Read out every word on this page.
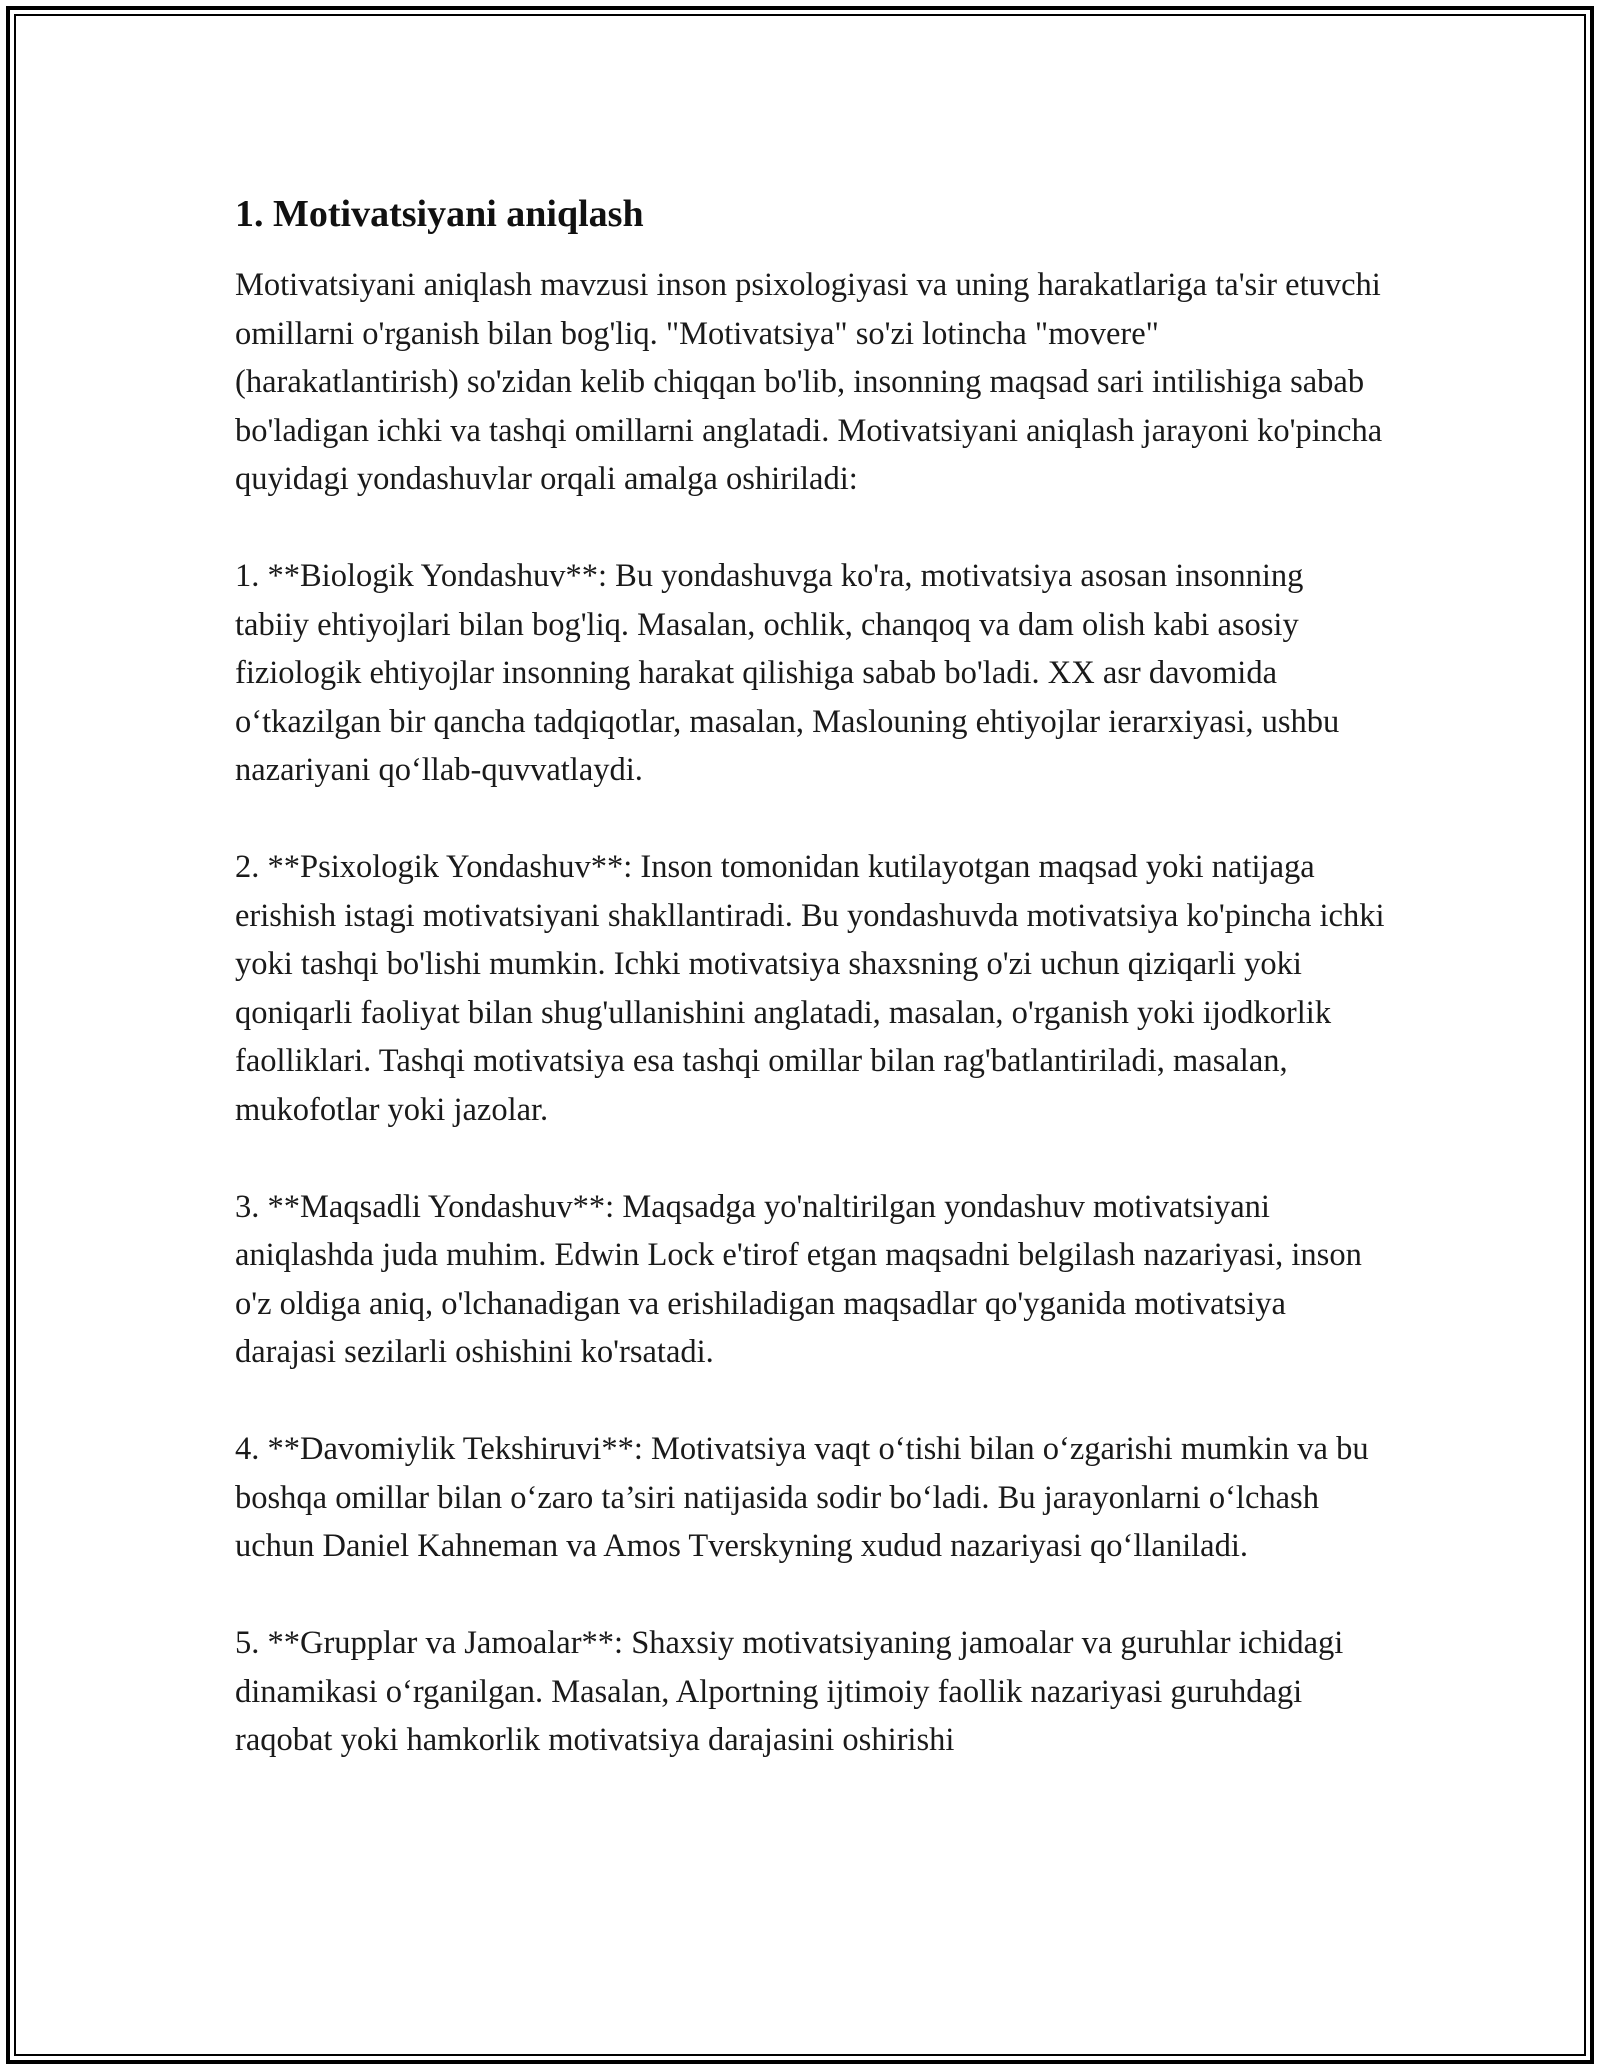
1. Motivatsiyani aniqlash

Motivatsiyani aniqlash mavzusi inson psixologiyasi va uning harakatlariga ta'sir etuvchi omillarni o'rganish bilan bog'liq. "Motivatsiya" so'zi lotincha "movere" (harakatlantirish) so'zidan kelib chiqqan bo'lib, insonning maqsad sari intilishiga sabab bo'ladigan ichki va tashqi omillarni anglatadi. Motivatsiyani aniqlash jarayoni ko'pincha quyidagi yondashuvlar orqali amalga oshiriladi:

1. **Biologik Yondashuv**: Bu yondashuvga ko'ra, motivatsiya asosan insonning tabiiy ehtiyojlari bilan bog'liq. Masalan, ochlik, chanqoq va dam olish kabi asosiy fiziologik ehtiyojlar insonning harakat qilishiga sabab bo'ladi. XX asr davomida o‘tkazilgan bir qancha tadqiqotlar, masalan, Maslouning ehtiyojlar ierarxiyasi, ushbu nazariyani qo‘llab-quvvatlaydi.

2. **Psixologik Yondashuv**: Inson tomonidan kutilayotgan maqsad yoki natijaga erishish istagi motivatsiyani shakllantiradi. Bu yondashuvda motivatsiya ko'pincha ichki yoki tashqi bo'lishi mumkin. Ichki motivatsiya shaxsning o'zi uchun qiziqarli yoki qoniqarli faoliyat bilan shug'ullanishini anglatadi, masalan, o'rganish yoki ijodkorlik faolliklari. Tashqi motivatsiya esa tashqi omillar bilan rag'batlantiriladi, masalan, mukofotlar yoki jazolar.

3. **Maqsadli Yondashuv**: Maqsadga yo'naltirilgan yondashuv motivatsiyani aniqlashda juda muhim. Edwin Lock e'tirof etgan maqsadni belgilash nazariyasi, inson o'z oldiga aniq, o'lchanadigan va erishiladigan maqsadlar qo'yganida motivatsiya darajasi sezilarli oshishini ko'rsatadi.

4. **Davomiylik Tekshiruvi**: Motivatsiya vaqt o‘tishi bilan o‘zgarishi mumkin va bu boshqa omillar bilan o‘zaro ta’siri natijasida sodir bo‘ladi. Bu jarayonlarni o‘lchash uchun Daniel Kahneman va Amos Tverskyning xudud nazariyasi qo‘llaniladi.

5. **Grupplar va Jamoalar**: Shaxsiy motivatsiyaning jamoalar va guruhlar ichidagi dinamikasi o‘rganilgan. Masalan, Alportning ijtimoiy faollik nazariyasi guruhdagi raqobat yoki hamkorlik motivatsiya darajasini oshirishi
